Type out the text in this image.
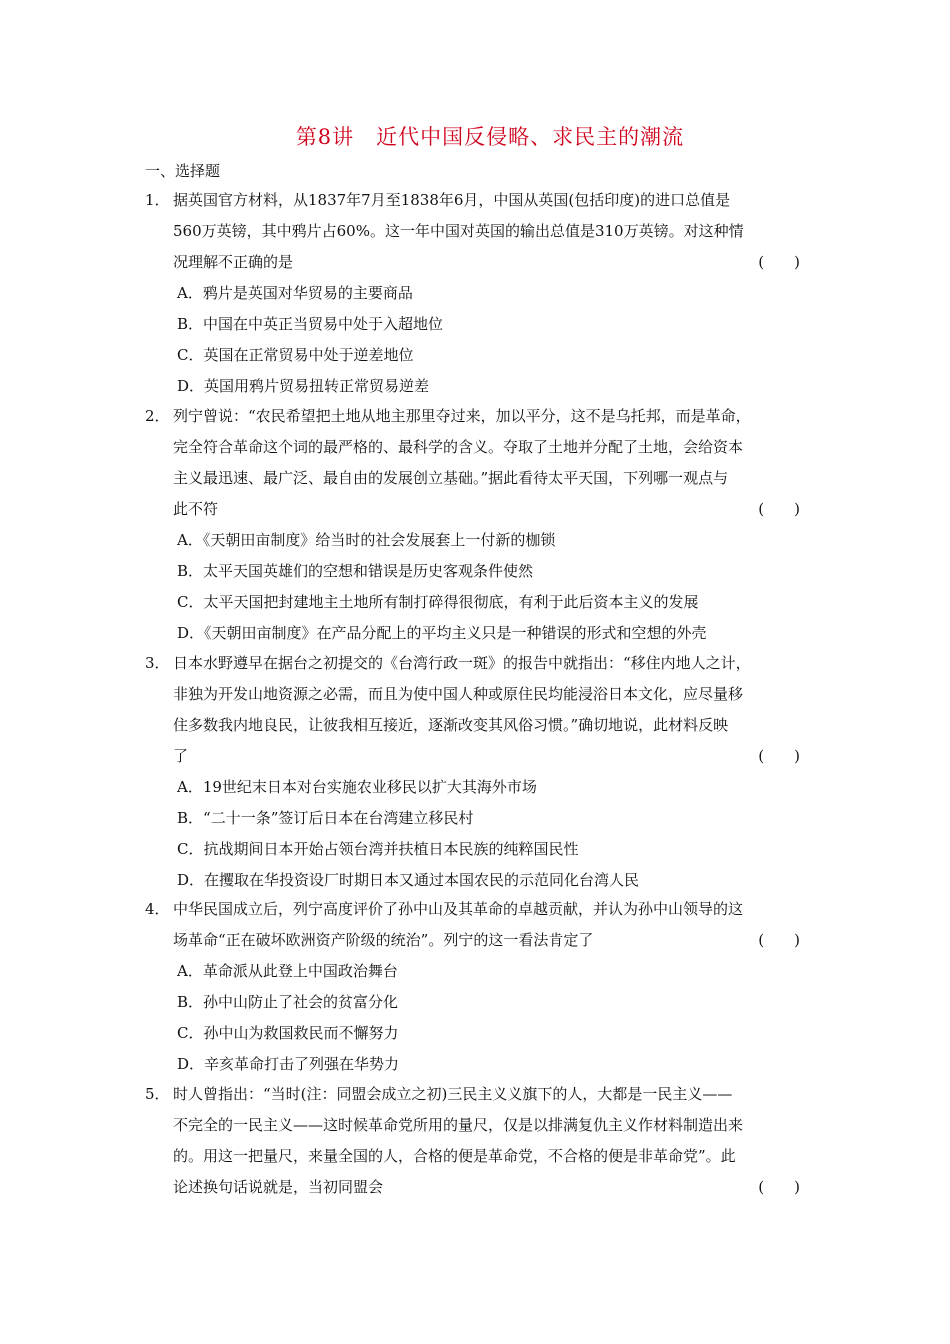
第8讲　近代中国反侵略、求民主的潮流
一、选择题
1． 据英国官方材料，从1837年7月至1838年6月，中国从英国(包括印度)的进口总值是
560万英镑，其中鸦片占60%。这一年中国对英国的输出总值是310万英镑。对这种情
况理解不正确的是	(　　)
A．鸦片是英国对华贸易的主要商品
B．中国在中英正当贸易中处于入超地位
C．英国在正常贸易中处于逆差地位
D．英国用鸦片贸易扭转正常贸易逆差
2． 列宁曾说：“农民希望把土地从地主那里夺过来，加以平分，这不是乌托邦，而是革命，
完全符合革命这个词的最严格的、最科学的含义。夺取了土地并分配了土地，会给资本
主义最迅速、最广泛、最自由的发展创立基础。”据此看待太平天国，下列哪一观点与
此不符	(　　)
A．《天朝田亩制度》给当时的社会发展套上一付新的枷锁
B．太平天国英雄们的空想和错误是历史客观条件使然
C．太平天国把封建地主土地所有制打碎得很彻底，有利于此后资本主义的发展
D．《天朝田亩制度》在产品分配上的平均主义只是一种错误的形式和空想的外壳
3． 日本水野遵早在据台之初提交的《台湾行政一斑》的报告中就指出：“移住内地人之计，
非独为开发山地资源之必需，而且为使中国人种或原住民均能浸浴日本文化，应尽量移
住多数我内地良民，让彼我相互接近，逐渐改变其风俗习惯。”确切地说，此材料反映
了	(　　)
A．19世纪末日本对台实施农业移民以扩大其海外市场
B．“二十一条”签订后日本在台湾建立移民村
C．抗战期间日本开始占领台湾并扶植日本民族的纯粹国民性
D．在攫取在华投资设厂时期日本又通过本国农民的示范同化台湾人民
4． 中华民国成立后，列宁高度评价了孙中山及其革命的卓越贡献，并认为孙中山领导的这
场革命“正在破坏欧洲资产阶级的统治”。列宁的这一看法肯定了	(　　)
A．革命派从此登上中国政治舞台
B．孙中山防止了社会的贫富分化
C．孙中山为救国救民而不懈努力
D．辛亥革命打击了列强在华势力
5． 时人曾指出：“当时(注：同盟会成立之初)三民主义义旗下的人，大都是一民主义——
不完全的一民主义——这时候革命党所用的量尺，仅是以排满复仇主义作材料制造出来
的。用这一把量尺，来量全国的人，合格的便是革命党，不合格的便是非革命党”。此
论述换句话说就是，当初同盟会	(　　)
